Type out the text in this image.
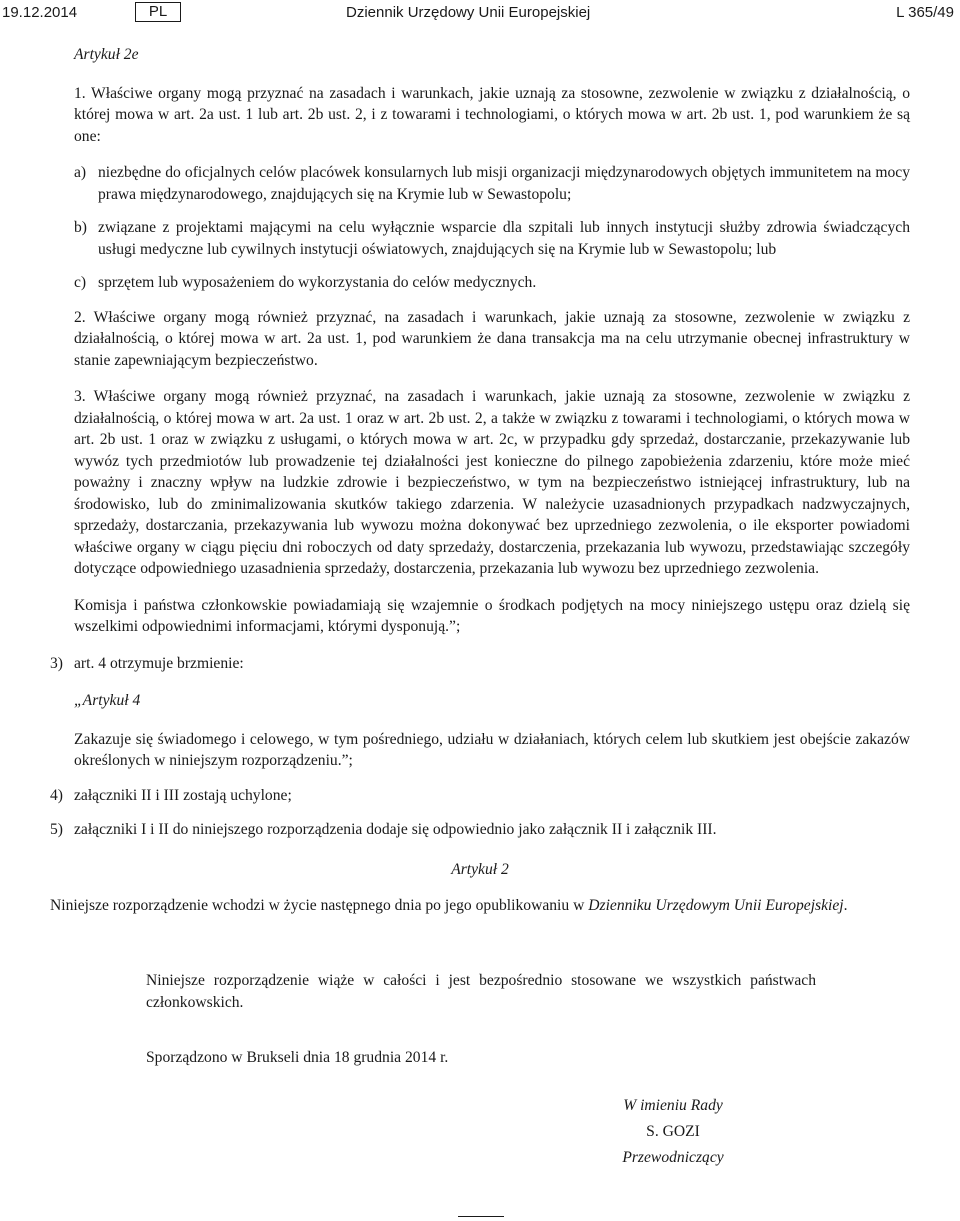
19.12.2014	PL	Dziennik Urzędowy Unii Europejskiej	L 365/49

Artykuł 2e

1. Właściwe organy mogą przyznać na zasadach i warunkach, jakie uznają za stosowne, zezwolenie w związku z działalnością, o której mowa w art. 2a ust. 1 lub art. 2b ust. 2, i z towarami i technologiami, o których mowa w art. 2b ust. 1, pod warunkiem że są one:

a) niezbędne do oficjalnych celów placówek konsularnych lub misji organizacji międzynarodowych objętych immunitetem na mocy prawa międzynarodowego, znajdujących się na Krymie lub w Sewastopolu;
b) związane z projektami mającymi na celu wyłącznie wsparcie dla szpitali lub innych instytucji służby zdrowia świadczących usługi medyczne lub cywilnych instytucji oświatowych, znajdujących się na Krymie lub w Sewastopolu; lub
c) sprzętem lub wyposażeniem do wykorzystania do celów medycznych.

2. Właściwe organy mogą również przyznać, na zasadach i warunkach, jakie uznają za stosowne, zezwolenie w związku z działalnością, o której mowa w art. 2a ust. 1, pod warunkiem że dana transakcja ma na celu utrzymanie obecnej infrastruktury w stanie zapewniającym bezpieczeństwo.

3. Właściwe organy mogą również przyznać, na zasadach i warunkach, jakie uznają za stosowne, zezwolenie w związku z działalnością, o której mowa w art. 2a ust. 1 oraz w art. 2b ust. 2, a także w związku z towarami i technologiami, o których mowa w art. 2b ust. 1 oraz w związku z usługami, o których mowa w art. 2c, w przypadku gdy sprzedaż, dostarczanie, przekazywanie lub wywóz tych przedmiotów lub prowadzenie tej działalności jest konieczne do pilnego zapobieżenia zdarzeniu, które może mieć poważny i znaczny wpływ na ludzkie zdrowie i bezpieczeństwo, w tym na bezpieczeństwo istniejącej infrastruktury, lub na środowisko, lub do zminimalizowania skutków takiego zdarzenia. W należycie uzasadnionych przypadkach nadzwyczajnych, sprzedaży, dostarczania, przekazywania lub wywozu można dokonywać bez uprzedniego zezwolenia, o ile eksporter powiadomi właściwe organy w ciągu pięciu dni roboczych od daty sprzedaży, dostarczenia, przekazania lub wywozu, przedstawiając szczegóły dotyczące odpowiedniego uzasadnienia sprzedaży, dostarczenia, przekazania lub wywozu bez uprzedniego zezwolenia.

Komisja i państwa członkowskie powiadamiają się wzajemnie o środkach podjętych na mocy niniejszego ustępu oraz dzielą się wszelkimi odpowiednimi informacjami, którymi dysponują.”;

3) art. 4 otrzymuje brzmienie:

„Artykuł 4

Zakazuje się świadomego i celowego, w tym pośredniego, udziału w działaniach, których celem lub skutkiem jest obejście zakazów określonych w niniejszym rozporządzeniu.”;

4) załączniki II i III zostają uchylone;
5) załączniki I i II do niniejszego rozporządzenia dodaje się odpowiednio jako załącznik II i załącznik III.

Artykuł 2

Niniejsze rozporządzenie wchodzi w życie następnego dnia po jego opublikowaniu w Dzienniku Urzędowym Unii Europejskiej.

Niniejsze rozporządzenie wiąże w całości i jest bezpośrednio stosowane we wszystkich państwach członkowskich.

Sporządzono w Brukseli dnia 18 grudnia 2014 r.

W imieniu Rady
S. GOZI
Przewodniczący
